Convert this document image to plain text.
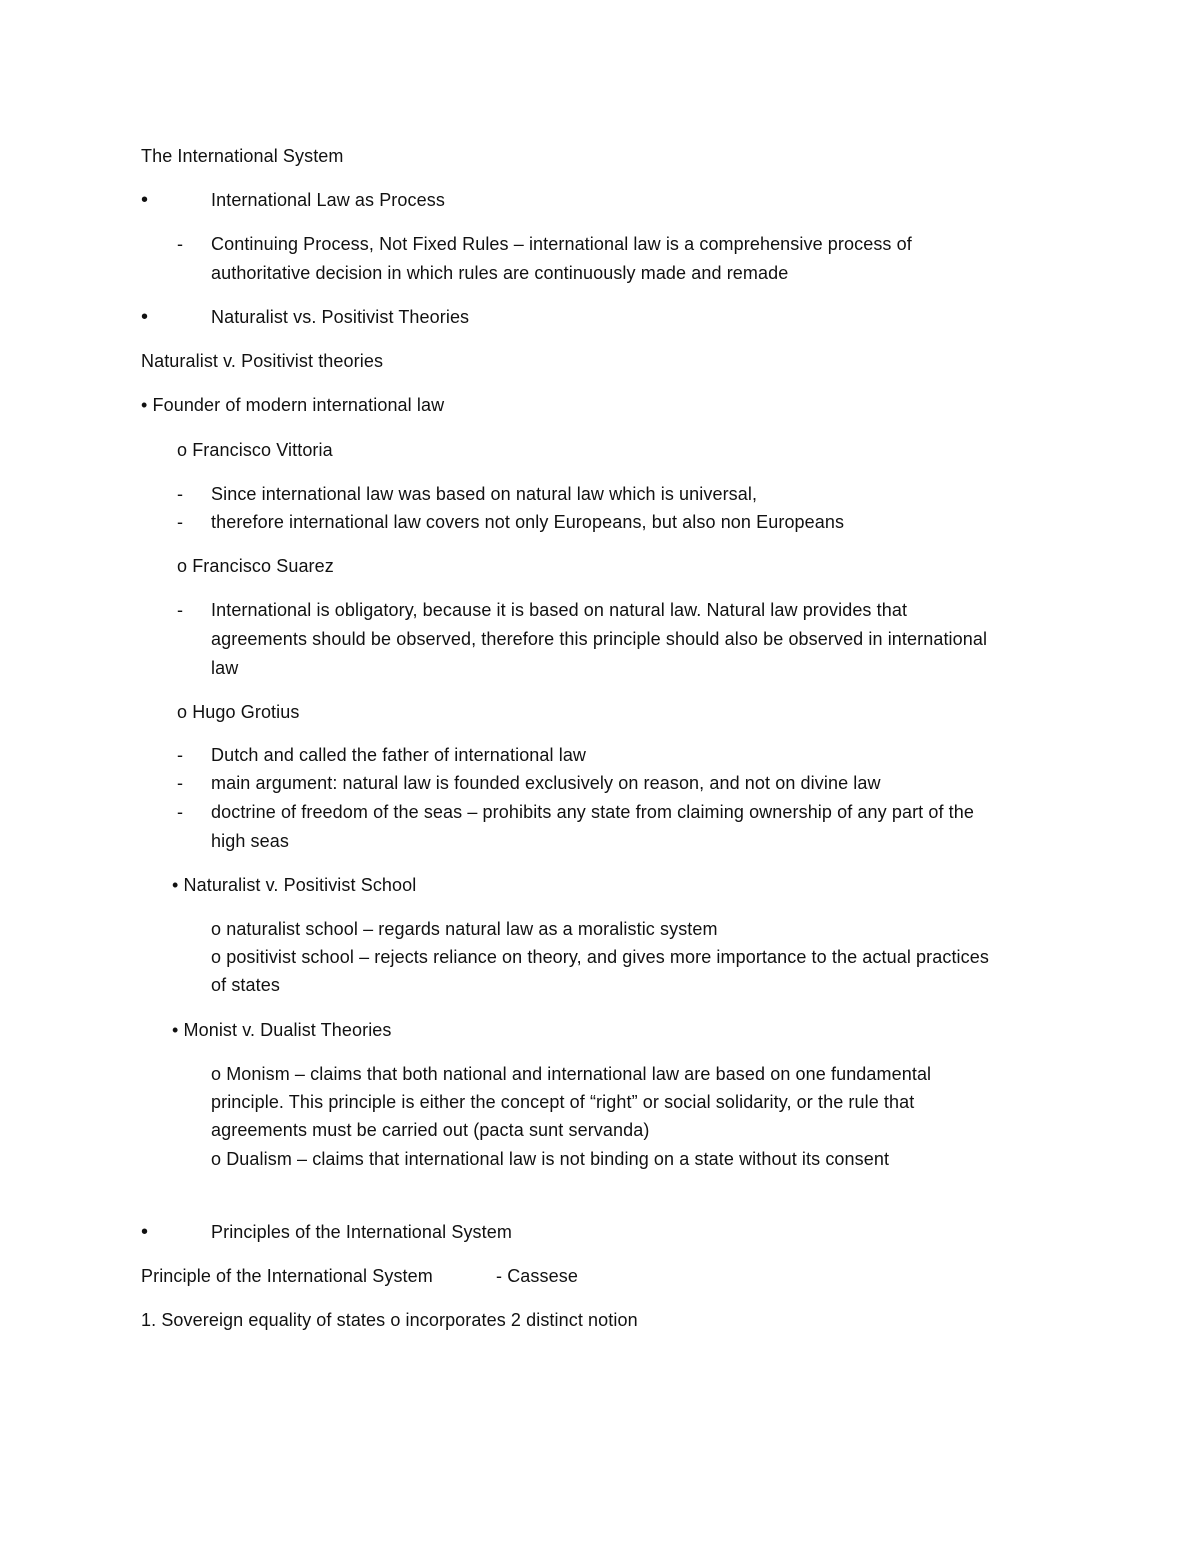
The International System
•	International Law as Process
- Continuing Process, Not Fixed Rules – international law is a comprehensive process of
authoritative decision in which rules are continuously made and remade
•	Naturalist vs. Positivist Theories
Naturalist v. Positivist theories
• Founder of modern international law
o Francisco Vittoria
- Since international law was based on natural law which is universal,
- therefore international law covers not only Europeans, but also non Europeans
o Francisco Suarez
- International is obligatory, because it is based on natural law. Natural law provides that
agreements should be observed, therefore this principle should also be observed in international
law
o Hugo Grotius
- Dutch and called the father of international law
- main argument: natural law is founded exclusively on reason, and not on divine law
- doctrine of freedom of the seas – prohibits any state from claiming ownership of any part of the
high seas
• Naturalist v. Positivist School
o naturalist school – regards natural law as a moralistic system
o positivist school – rejects reliance on theory, and gives more importance to the actual practices
of states
• Monist v. Dualist Theories
o Monism – claims that both national and international law are based on one fundamental
principle. This principle is either the concept of “right” or social solidarity, or the rule that
agreements must be carried out (pacta sunt servanda)
o Dualism – claims that international law is not binding on a state without its consent
•	Principles of the International System
Principle of the International System	- Cassese
1. Sovereign equality of states o incorporates 2 distinct notion
